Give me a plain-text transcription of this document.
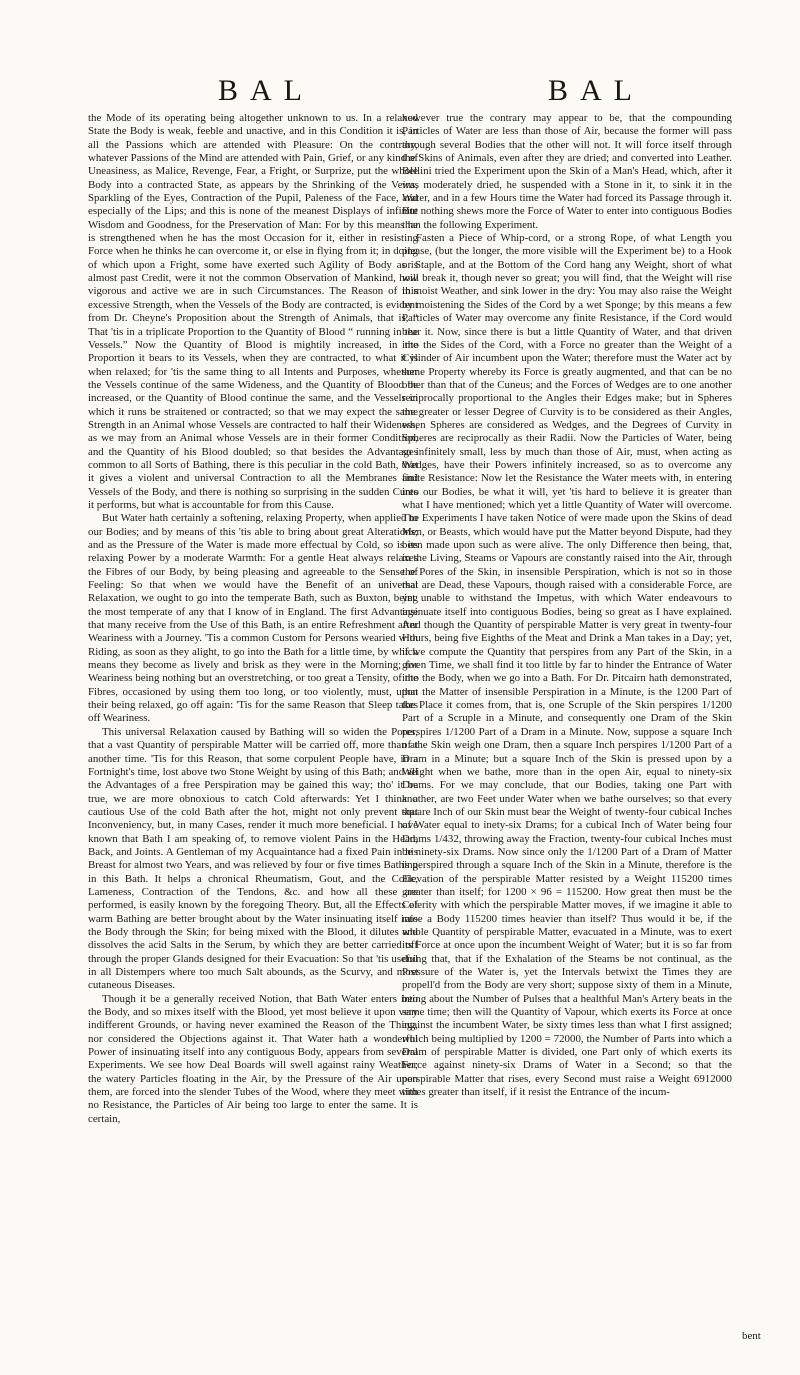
BAL	BAL

the Mode of its operating being altogether unknown to us. In a relaxed State the Body is weak, feeble and unactive, and in this Condition it is, in all the Passions which are attended with Pleasure: On the contrary, whatever Passions of the Mind are attended with Pain, Grief, or any kind of Uneasiness, as Malice, Revenge, Fear, a Fright, or Surprize, put the whole Body into a contracted State, as appears by the Shrinking of the Veins, Sparkling of the Eyes, Contraction of the Pupil, Paleness of the Face, and especially of the Lips; and this is none of the meanest Displays of infinite Wisdom and Goodness, for the Preservation of Man: For by this means he is strengthened when he has the most Occasion for it, either in resisting Force when he thinks he can overcome it, or else in flying from it; in doing of which upon a Fright, some have exerted such Agility of Body as is almost past Credit, were it not the common Observation of Mankind, how vigorous and active we are in such Circumstances. The Reason of this excessive Strength, when the Vessels of the Body are contracted, is evident from Dr. Cheyne's Proposition about the Strength of Animals, that is, “ That 'tis in a triplicate Proportion to the Quantity of Blood “ running in the Vessels.” Now the Quantity of Blood is mightily increased, in the Proportion it bears to its Vessels, when they are contracted, to what it is when relaxed; for 'tis the same thing to all Intents and Purposes, whether the Vessels continue of the same Wideness, and the Quantity of Blood be increased, or the Quantity of Blood continue the same, and the Vessels in which it runs be straitened or contracted; so that we may expect the same Strength in an Animal whose Vessels are contracted to half their Wideness, as we may from an Animal whose Vessels are in their former Condition, and the Quantity of his Blood doubled; so that besides the Advantages common to all Sorts of Bathing, there is this peculiar in the cold Bath, that it gives a violent and universal Contraction to all the Membranes and Vessels of the Body, and there is nothing so surprising in the sudden Cures it performs, but what is accountable for from this Cause.

But Water hath certainly a softening, relaxing Property, when applied to our Bodies; and by means of this 'tis able to bring about great Alterations; and as the Pressure of the Water is made more effectual by Cold, so is its relaxing Power by a moderate Warmth: For a gentle Heat always relaxes the Fibres of our Body, by being pleasing and agreeable to the Sense of Feeling: So that when we would have the Benefit of an universal Relaxation, we ought to go into the temperate Bath, such as Buxton, being the most temperate of any that I know of in England. The first Advantage that many receive from the Use of this Bath, is an entire Refreshment after Weariness with a Journey. 'Tis a common Custom for Persons wearied with Riding, as soon as they alight, to go into the Bath for a little time, by which means they become as lively and brisk as they were in the Morning; for Weariness being nothing but an overstretching, or too great a Tensity, of the Fibres, occasioned by using them too long, or too violently, must, upon their being relaxed, go off again: 'Tis for the same Reason that Sleep takes off Weariness.

This universal Relaxation caused by Bathing will so widen the Pores, that a vast Quantity of perspirable Matter will be carried off, more than at another time. 'Tis for this Reason, that some corpulent People have, in a Fortnight's time, lost above two Stone Weight by using of this Bath; and all the Advantages of a free Perspiration may be gained this way; tho' it be true, we are more obnoxious to catch Cold afterwards: Yet I think a cautious Use of the cold Bath after the hot, might not only prevent that Inconveniency, but, in many Cases, render it much more beneficial. I have known that Bath I am speaking of, to remove violent Pains in the Head, Back, and Joints. A Gentleman of my Acquaintance had a fixed Pain in his Breast for almost two Years, and was relieved by four or five times Bathing in this Bath. It helps a chronical Rheumatism, Gout, and the Colic, Lameness, Contraction of the Tendons, &c. and how all these are performed, is easily known by the foregoing Theory. But, all the Effects of warm Bathing are better brought about by the Water insinuating itself into the Body through the Skin; for being mixed with the Blood, it dilutes and dissolves the acid Salts in the Serum, by which they are better carried off through the proper Glands designed for their Evacuation: So that 'tis useful in all Distempers where too much Salt abounds, as the Scurvy, and most cutaneous Diseases.

Though it be a generally received Notion, that Bath Water enters into the Body, and so mixes itself with the Blood, yet most believe it upon very indifferent Grounds, or having never examined the Reason of the Thing, nor considered the Objections against it. That Water hath a wonderful Power of insinuating itself into any contiguous Body, appears from several Experiments. We see how Deal Boards will swell against rainy Weather; the watery Particles floating in the Air, by the Pressure of the Air upon them, are forced into the slender Tubes of the Wood, where they meet with no Resistance, the Particles of Air being too large to enter the same. It is certain,

however true the contrary may appear to be, that the compounding Particles of Water are less than those of Air, because the former will pass through several Bodies that the other will not. It will force itself through the Skins of Animals, even after they are dried; and converted into Leather. Bellini tried the Experiment upon the Skin of a Man's Head, which, after it was moderately dried, he suspended with a Stone in it, to sink it in the Water, and in a few Hours time the Water had forced its Passage through it. But nothing shews more the Force of Water to enter into contiguous Bodies than the following Experiment.

Fasten a Piece of Whip-cord, or a strong Rope, of what Length you please, (but the longer, the more visible will the Experiment be) to a Hook or Staple, and at the Bottom of the Cord hang any Weight, short of what will break it, though never so great; you will find, that the Weight will rise in moist Weather, and sink lower in the dry: You may also raise the Weight by moistening the Sides of the Cord by a wet Sponge; by this means a few Particles of Water may overcome any finite Resistance, if the Cord would bear it. Now, since there is but a little Quantity of Water, and that driven into the Sides of the Cord, with a Force no greater than the Weight of a Cylinder of Air incumbent upon the Water; therefore must the Water act by some Property whereby its Force is greatly augmented, and that can be no other than that of the Cuneus; and the Forces of Wedges are to one another reciprocally proportional to the Angles their Edges make; but in Spheres the greater or lesser Degree of Curvity is to be considered as their Angles, when Spheres are considered as Wedges, and the Degrees of Curvity in Spheres are reciprocally as their Radii. Now the Particles of Water, being so infinitely small, less by much than those of Air, must, when acting as Wedges, have their Powers infinitely increased, so as to overcome any finite Resistance: Now let the Resistance the Water meets with, in entering into our Bodies, be what it will, yet 'tis hard to believe it is greater than what I have mentioned; which yet a little Quantity of Water will overcome. The Experiments I have taken Notice of were made upon the Skins of dead Men, or Beasts, which would have put the Matter beyond Dispute, had they been made upon such as were alive. The only Difference then being, that, in the Living, Steams or Vapours are constantly raised into the Air, through the Pores of the Skin, in insensible Perspiration, which is not so in those that are Dead, these Vapours, though raised with a considerable Force, are yet unable to withstand the Impetus, with which Water endeavours to insinuate itself into contiguous Bodies, being so great as I have explained. And though the Quantity of perspirable Matter is very great in twenty-four Hours, being five Eighths of the Meat and Drink a Man takes in a Day; yet, if we compute the Quantity that perspires from any Part of the Skin, in a given Time, we shall find it too little by far to hinder the Entrance of Water into the Body, when we go into a Bath. For Dr. Pitcairn hath demonstrated, that the Matter of insensible Perspiration in a Minute, is the 1200 Part of the Place it comes from, that is, one Scruple of the Skin perspires 1/1200 Part of a Scruple in a Minute, and consequently one Dram of the Skin perspires 1/1200 Part of a Dram in a Minute. Now, suppose a square Inch of the Skin weigh one Dram, then a square Inch perspires 1/1200 Part of a Dram in a Minute; but a square Inch of the Skin is pressed upon by a Weight when we bathe, more than in the open Air, equal to ninety-six Drams. For we may conclude, that our Bodies, taking one Part with another, are two Feet under Water when we bathe ourselves; so that every square Inch of our Skin must bear the Weight of twenty-four cubical Inches of Water equal to inety-six Drams; for a cubical Inch of Water being four Drams 1/432, throwing away the Fraction, twenty-four cubical Inches must be ninety-six Drams. Now since only the 1/1200 Part of a Dram of Matter is perspired through a square Inch of the Skin in a Minute, therefore is the Elevation of the perspirable Matter resisted by a Weight 115200 times greater than itself; for 1200 × 96 = 115200. How great then must be the Celerity with which the perspirable Matter moves, if we imagine it able to raise a Body 115200 times heavier than itself? Thus would it be, if the whole Quantity of perspirable Matter, evacuated in a Minute, was to exert its Force at once upon the incumbent Weight of Water; but it is so far from doing that, that if the Exhalation of the Steams be not continual, as the Pressure of the Water is, yet the Intervals betwixt the Times they are propell'd from the Body are very short; suppose sixty of them in a Minute, being about the Number of Pulses that a healthful Man's Artery beats in the same time; then will the Quantity of Vapour, which exerts its Force at once against the incumbent Water, be sixty times less than what I first assigned; which being multiplied by 1200 = 72000, the Number of Parts into which a Dram of perspirable Matter is divided, one Part only of which exerts its Force against ninety-six Drams of Water in a Second; so that the perspirable Matter that rises, every Second must raise a Weight 6912000 times greater than itself, if it resist the Entrance of the incum-

bent
